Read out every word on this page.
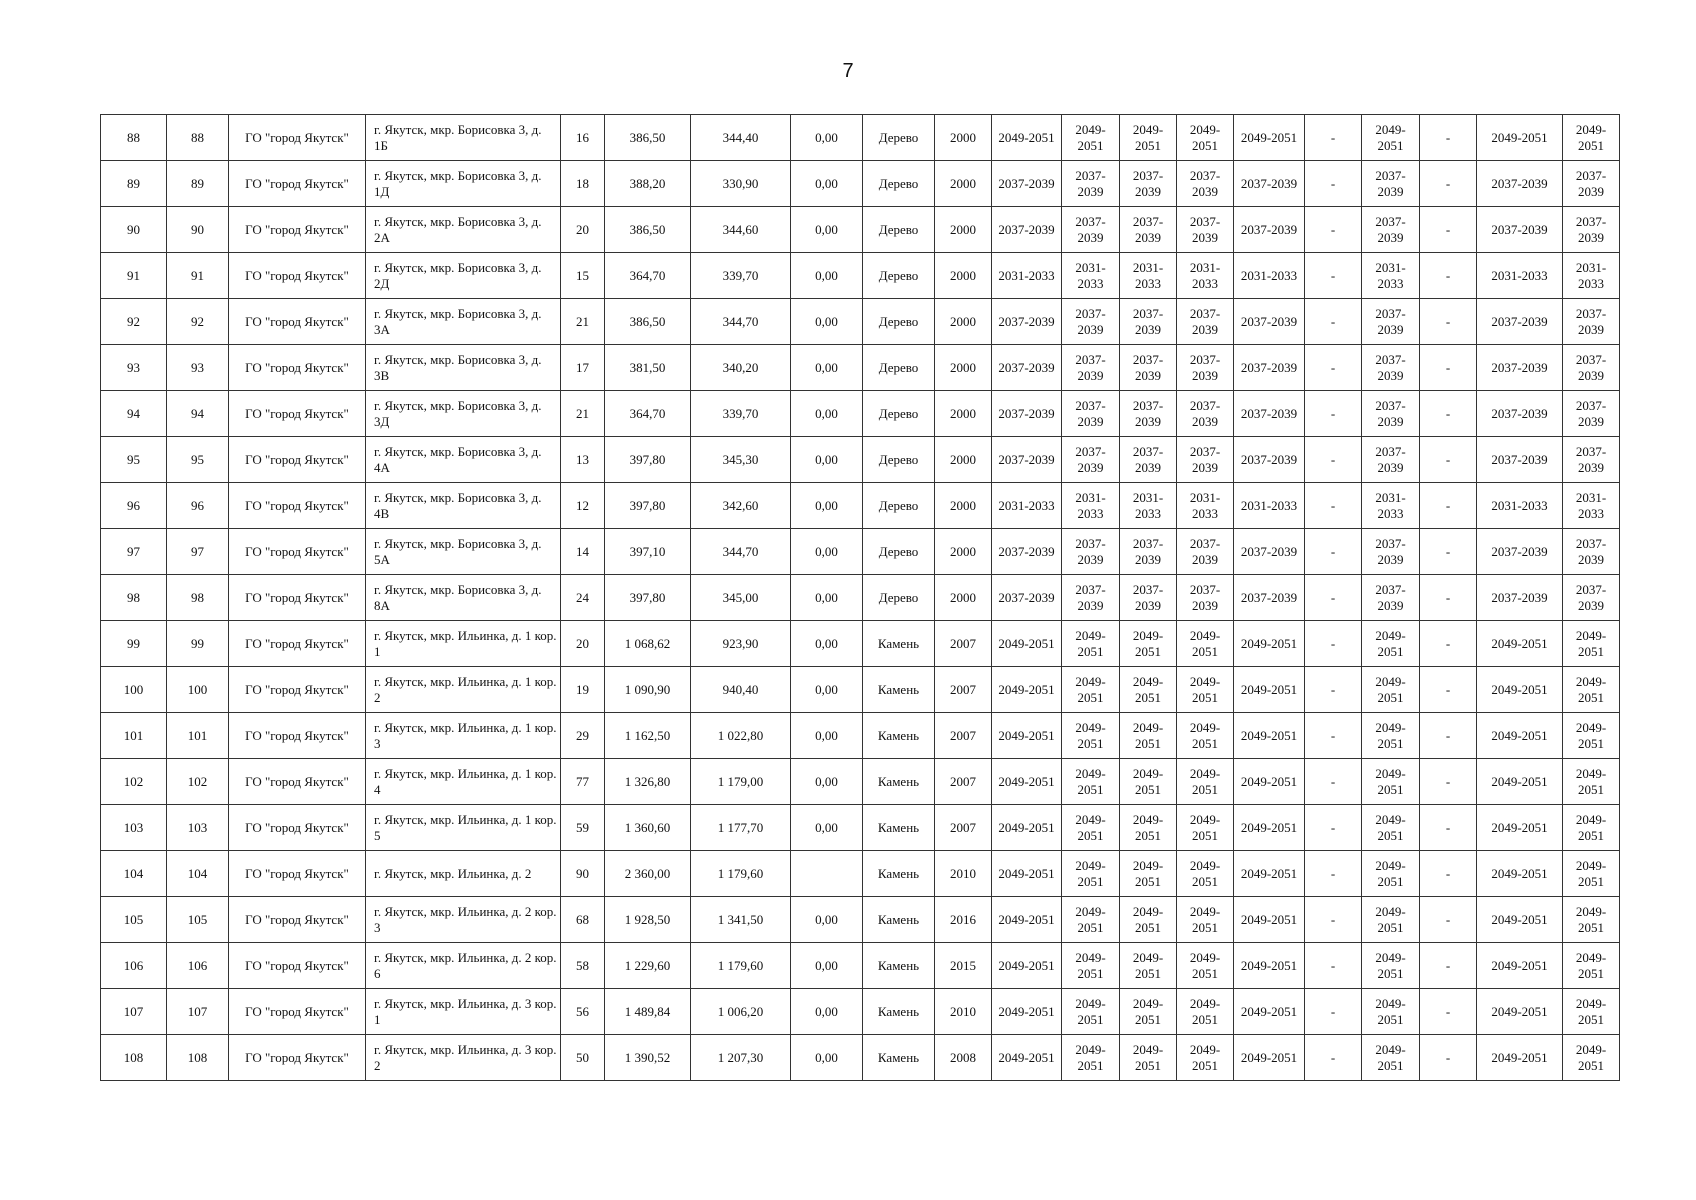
7
88	88	ГО "город Якутск"	г. Якутск, мкр. Борисовка 3, д. 1Б	16	386,50	344,40	0,00	Дерево	2000	2049-2051	2049-2051	2049-2051	2049-2051	2049-2051	-	2049-2051	-	2049-2051	2049-2051
89	89	ГО "город Якутск"	г. Якутск, мкр. Борисовка 3, д. 1Д	18	388,20	330,90	0,00	Дерево	2000	2037-2039	2037-2039	2037-2039	2037-2039	2037-2039	-	2037-2039	-	2037-2039	2037-2039
90	90	ГО "город Якутск"	г. Якутск, мкр. Борисовка 3, д. 2А	20	386,50	344,60	0,00	Дерево	2000	2037-2039	2037-2039	2037-2039	2037-2039	2037-2039	-	2037-2039	-	2037-2039	2037-2039
91	91	ГО "город Якутск"	г. Якутск, мкр. Борисовка 3, д. 2Д	15	364,70	339,70	0,00	Дерево	2000	2031-2033	2031-2033	2031-2033	2031-2033	2031-2033	-	2031-2033	-	2031-2033	2031-2033
92	92	ГО "город Якутск"	г. Якутск, мкр. Борисовка 3, д. 3А	21	386,50	344,70	0,00	Дерево	2000	2037-2039	2037-2039	2037-2039	2037-2039	2037-2039	-	2037-2039	-	2037-2039	2037-2039
93	93	ГО "город Якутск"	г. Якутск, мкр. Борисовка 3, д. 3В	17	381,50	340,20	0,00	Дерево	2000	2037-2039	2037-2039	2037-2039	2037-2039	2037-2039	-	2037-2039	-	2037-2039	2037-2039
94	94	ГО "город Якутск"	г. Якутск, мкр. Борисовка 3, д. 3Д	21	364,70	339,70	0,00	Дерево	2000	2037-2039	2037-2039	2037-2039	2037-2039	2037-2039	-	2037-2039	-	2037-2039	2037-2039
95	95	ГО "город Якутск"	г. Якутск, мкр. Борисовка 3, д. 4А	13	397,80	345,30	0,00	Дерево	2000	2037-2039	2037-2039	2037-2039	2037-2039	2037-2039	-	2037-2039	-	2037-2039	2037-2039
96	96	ГО "город Якутск"	г. Якутск, мкр. Борисовка 3, д. 4В	12	397,80	342,60	0,00	Дерево	2000	2031-2033	2031-2033	2031-2033	2031-2033	2031-2033	-	2031-2033	-	2031-2033	2031-2033
97	97	ГО "город Якутск"	г. Якутск, мкр. Борисовка 3, д. 5А	14	397,10	344,70	0,00	Дерево	2000	2037-2039	2037-2039	2037-2039	2037-2039	2037-2039	-	2037-2039	-	2037-2039	2037-2039
98	98	ГО "город Якутск"	г. Якутск, мкр. Борисовка 3, д. 8А	24	397,80	345,00	0,00	Дерево	2000	2037-2039	2037-2039	2037-2039	2037-2039	2037-2039	-	2037-2039	-	2037-2039	2037-2039
99	99	ГО "город Якутск"	г. Якутск, мкр. Ильинка, д. 1 кор. 1	20	1 068,62	923,90	0,00	Камень	2007	2049-2051	2049-2051	2049-2051	2049-2051	2049-2051	-	2049-2051	-	2049-2051	2049-2051
100	100	ГО "город Якутск"	г. Якутск, мкр. Ильинка, д. 1 кор. 2	19	1 090,90	940,40	0,00	Камень	2007	2049-2051	2049-2051	2049-2051	2049-2051	2049-2051	-	2049-2051	-	2049-2051	2049-2051
101	101	ГО "город Якутск"	г. Якутск, мкр. Ильинка, д. 1 кор. 3	29	1 162,50	1 022,80	0,00	Камень	2007	2049-2051	2049-2051	2049-2051	2049-2051	2049-2051	-	2049-2051	-	2049-2051	2049-2051
102	102	ГО "город Якутск"	г. Якутск, мкр. Ильинка, д. 1 кор. 4	77	1 326,80	1 179,00	0,00	Камень	2007	2049-2051	2049-2051	2049-2051	2049-2051	2049-2051	-	2049-2051	-	2049-2051	2049-2051
103	103	ГО "город Якутск"	г. Якутск, мкр. Ильинка, д. 1 кор. 5	59	1 360,60	1 177,70	0,00	Камень	2007	2049-2051	2049-2051	2049-2051	2049-2051	2049-2051	-	2049-2051	-	2049-2051	2049-2051
104	104	ГО "город Якутск"	г. Якутск, мкр. Ильинка, д. 2	90	2 360,00	1 179,60		Камень	2010	2049-2051	2049-2051	2049-2051	2049-2051	2049-2051	-	2049-2051	-	2049-2051	2049-2051
105	105	ГО "город Якутск"	г. Якутск, мкр. Ильинка, д. 2 кор. 3	68	1 928,50	1 341,50	0,00	Камень	2016	2049-2051	2049-2051	2049-2051	2049-2051	2049-2051	-	2049-2051	-	2049-2051	2049-2051
106	106	ГО "город Якутск"	г. Якутск, мкр. Ильинка, д. 2 кор. 6	58	1 229,60	1 179,60	0,00	Камень	2015	2049-2051	2049-2051	2049-2051	2049-2051	2049-2051	-	2049-2051	-	2049-2051	2049-2051
107	107	ГО "город Якутск"	г. Якутск, мкр. Ильинка, д. 3 кор. 1	56	1 489,84	1 006,20	0,00	Камень	2010	2049-2051	2049-2051	2049-2051	2049-2051	2049-2051	-	2049-2051	-	2049-2051	2049-2051
108	108	ГО "город Якутск"	г. Якутск, мкр. Ильинка, д. 3 кор. 2	50	1 390,52	1 207,30	0,00	Камень	2008	2049-2051	2049-2051	2049-2051	2049-2051	2049-2051	-	2049-2051	-	2049-2051	2049-2051
